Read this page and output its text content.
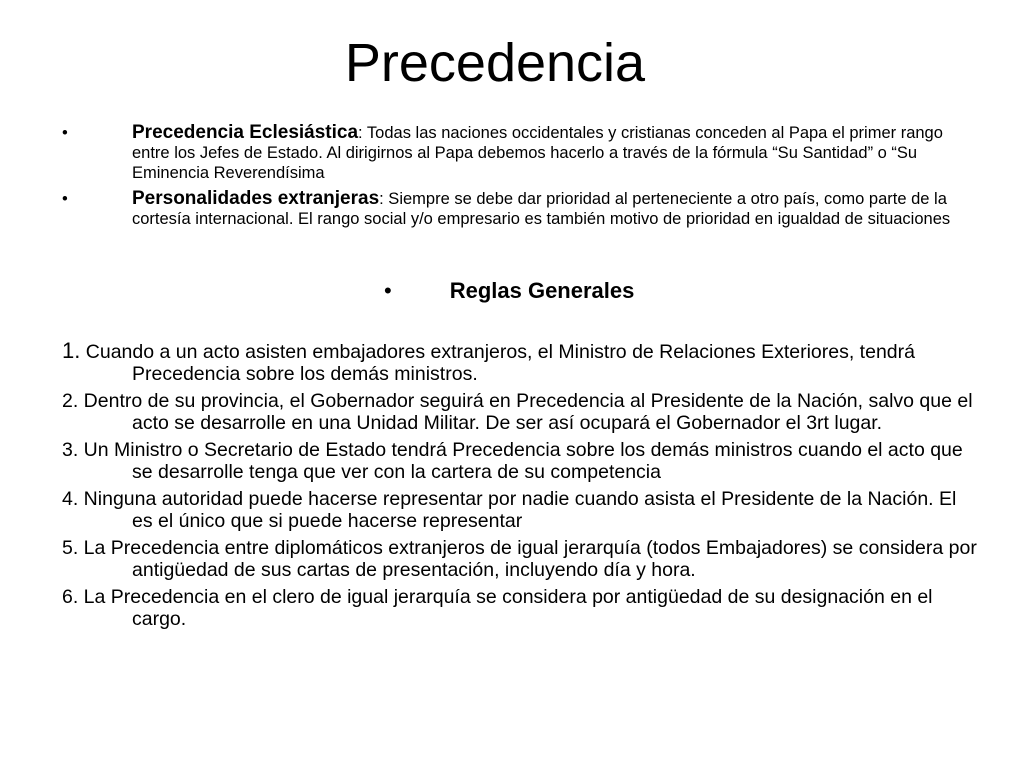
Precedencia
•	Precedencia Eclesiástica: Todas las naciones occidentales y cristianas conceden al Papa el primer rango entre los Jefes de Estado. Al dirigirnos al Papa debemos hacerlo a través de la fórmula “Su Santidad” o “Su Eminencia Reverendísima
•	Personalidades extranjeras: Siempre se debe dar prioridad al perteneciente a otro país, como parte de la cortesía internacional. El rango social y/o empresario es también motivo de prioridad en igualdad de situaciones
•	Reglas Generales
1. Cuando a un acto asisten embajadores extranjeros, el Ministro de Relaciones Exteriores, tendrá Precedencia sobre los demás ministros.
2. Dentro de su provincia, el Gobernador seguirá en Precedencia al Presidente de la Nación, salvo que el acto se desarrolle en una Unidad Militar. De ser así ocupará el Gobernador el 3rt lugar.
3. Un Ministro o Secretario de Estado tendrá Precedencia sobre los demás ministros cuando el acto que se desarrolle tenga que ver con la cartera de su competencia
4. Ninguna autoridad puede hacerse representar por nadie cuando asista el Presidente de la Nación. El es el único que si puede hacerse representar
5. La Precedencia entre diplomáticos extranjeros de igual jerarquía (todos Embajadores) se considera por antigüedad de sus cartas de presentación, incluyendo día y hora.
6. La Precedencia en el clero de igual jerarquía se considera por antigüedad de su designación en el cargo.
